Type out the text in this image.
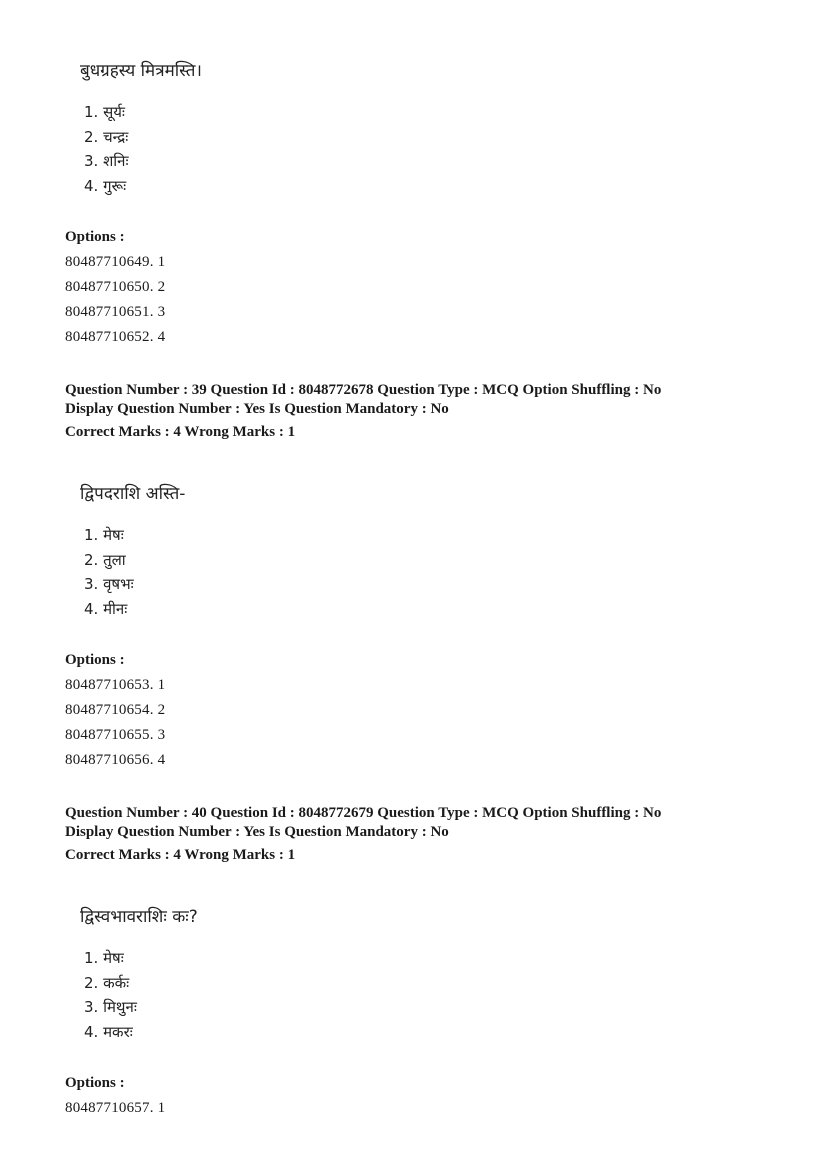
बुधग्रहस्य मित्रमस्ति।
1. सूर्यः
2. चन्द्रः
3. शनिः
4. गुरूः
Options :
80487710649. 1
80487710650. 2
80487710651. 3
80487710652. 4
Question Number : 39 Question Id : 8048772678 Question Type : MCQ Option Shuffling : No
Display Question Number : Yes Is Question Mandatory : No
Correct Marks : 4 Wrong Marks : 1
द्विपदराशि अस्ति-
1. मेषः
2. तुला
3. वृषभः
4. मीनः
Options :
80487710653. 1
80487710654. 2
80487710655. 3
80487710656. 4
Question Number : 40 Question Id : 8048772679 Question Type : MCQ Option Shuffling : No
Display Question Number : Yes Is Question Mandatory : No
Correct Marks : 4 Wrong Marks : 1
द्विस्वभावराशिः कः?
1. मेषः
2. कर्कः
3. मिथुनः
4. मकरः
Options :
80487710657. 1
